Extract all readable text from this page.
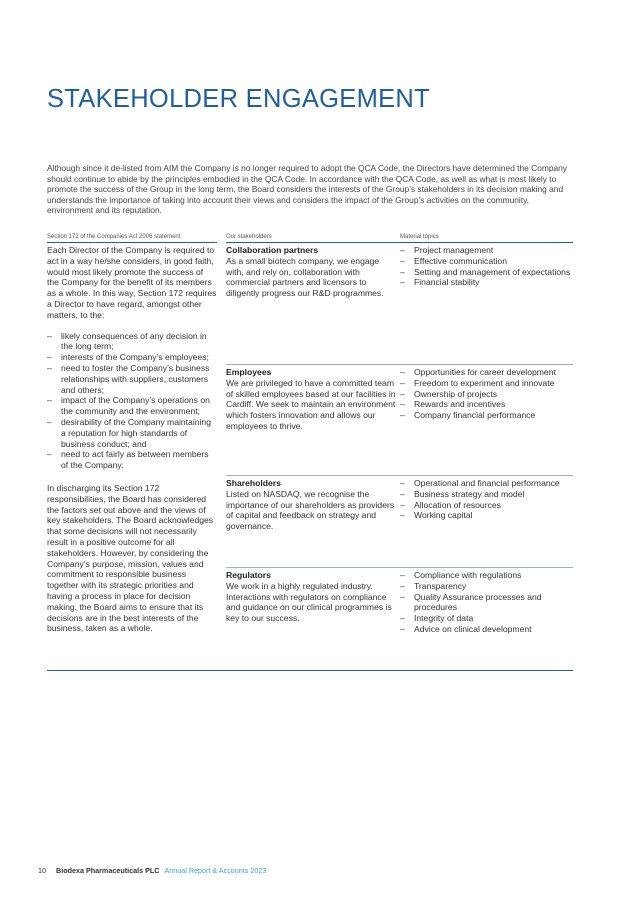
STAKEHOLDER ENGAGEMENT

Although since it de-listed from AIM the Company is no longer required to adopt the QCA Code, the Directors have determined the Company should continue to abide by the principles embodied in the QCA Code. In accordance with the QCA Code, as well as what is most likely to promote the success of the Group in the long term, the Board considers the interests of the Group’s stakeholders in its decision making and understands the importance of taking into account their views and considers the impact of the Group’s activities on the community, environment and its reputation.

Section 172 of the Companies Act 2006 statement	Our stakeholders	Material topics

Each Director of the Company is required to act in a way he/she considers, in good faith, would most likely promote the success of the Company for the benefit of its members as a whole. In this way, Section 172 requires a Director to have regard, amongst other matters, to the:

– likely consequences of any decision in the long term;
– interests of the Company’s employees;
– need to foster the Company’s business relationships with suppliers, customers and others;
– impact of the Company’s operations on the community and the environment;
– desirability of the Company maintaining a reputation for high standards of business conduct; and
– need to act fairly as between members of the Company.

In discharging its Section 172 responsibilities, the Board has considered the factors set out above and the views of key stakeholders. The Board acknowledges that some decisions will not necessarily result in a positive outcome for all stakeholders. However, by considering the Company’s purpose, mission, values and commitment to responsible business together with its strategic priorities and having a process in place for decision making, the Board aims to ensure that its decisions are in the best interests of the business, taken as a whole.

Collaboration partners
As a small biotech company, we engage with, and rely on, collaboration with commercial partners and licensors to diligently progress our R&D programmes.
– Project management
– Effective communication
– Setting and management of expectations
– Financial stability
Employees
We are privileged to have a committed team of skilled employees based at our facilities in Cardiff. We seek to maintain an environment which fosters innovation and allows our employees to thrive.
– Opportunities for career development
– Freedom to experiment and innovate
– Ownership of projects
– Rewards and incentives
– Company financial performance
Shareholders
Listed on NASDAQ, we recognise the importance of our shareholders as providers of capital and feedback on strategy and governance.
– Operational and financial performance
– Business strategy and model
– Allocation of resources
– Working capital
Regulators
We work in a highly regulated industry. Interactions with regulators on compliance and guidance on our clinical programmes is key to our success.
– Compliance with regulations
– Transparency
– Quality Assurance processes and procedures
– Integrity of data
– Advice on clinical development
10 Biodexa Pharmaceuticals PLC Annual Report & Accounts 2023
